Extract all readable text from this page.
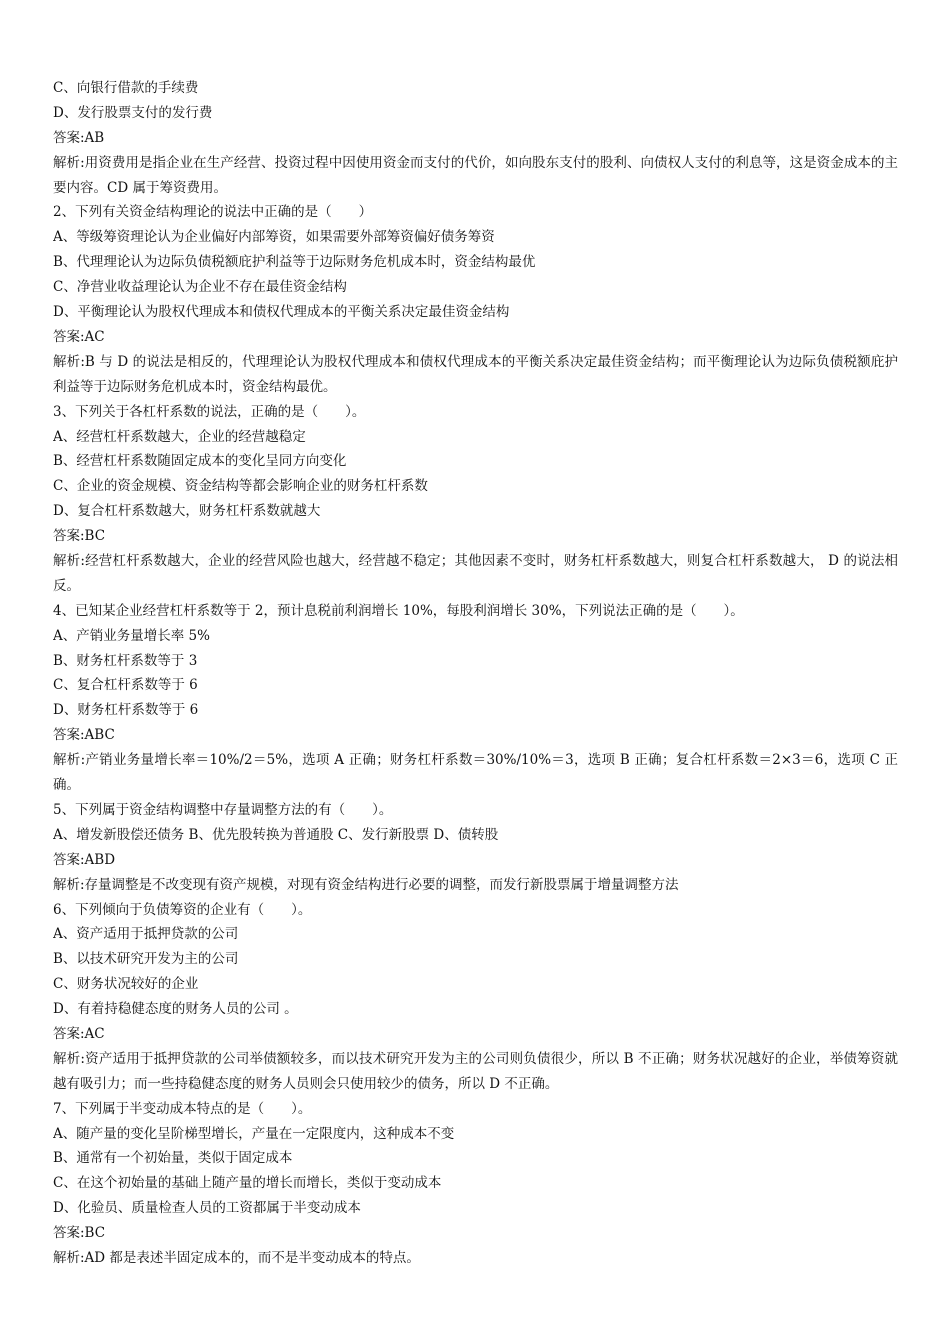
C、向银行借款的手续费
D、发行股票支付的发行费
答案:AB
解析:用资费用是指企业在生产经营、投资过程中因使用资金而支付的代价，如向股东支付的股利、向债权人支付的利息等，这是资金成本的主要内容。CD 属于筹资费用。
2、下列有关资金结构理论的说法中正确的是（　　）
A、等级筹资理论认为企业偏好内部筹资，如果需要外部筹资偏好债务筹资
B、代理理论认为边际负债税额庇护利益等于边际财务危机成本时，资金结构最优
C、净营业收益理论认为企业不存在最佳资金结构
D、平衡理论认为股权代理成本和债权代理成本的平衡关系决定最佳资金结构
答案:AC
解析:B 与 D 的说法是相反的，代理理论认为股权代理成本和债权代理成本的平衡关系决定最佳资金结构；而平衡理论认为边际负债税额庇护利益等于边际财务危机成本时，资金结构最优。
3、下列关于各杠杆系数的说法，正确的是（　　）。
A、经营杠杆系数越大，企业的经营越稳定
B、经营杠杆系数随固定成本的变化呈同方向变化
C、企业的资金规模、资金结构等都会影响企业的财务杠杆系数
D、复合杠杆系数越大，财务杠杆系数就越大
答案:BC
解析:经营杠杆系数越大，企业的经营风险也越大，经营越不稳定；其他因素不变时，财务杠杆系数越大，则复合杠杆系数越大， D 的说法相反。
4、已知某企业经营杠杆系数等于 2，预计息税前利润增长 10%，每股利润增长 30%，下列说法正确的是（　　）。
A、产销业务量增长率 5%
B、财务杠杆系数等于 3
C、复合杠杆系数等于 6
D、财务杠杆系数等于 6
答案:ABC
解析:产销业务量增长率＝10%/2＝5%，选项 A 正确；财务杠杆系数＝30%/10%＝3，选项 B 正确；复合杠杆系数＝2×3＝6，选项 C 正确。
5、下列属于资金结构调整中存量调整方法的有（　　）。
A、增发新股偿还债务 B、优先股转换为普通股 C、发行新股票 D、债转股
答案:ABD
解析:存量调整是不改变现有资产规模，对现有资金结构进行必要的调整，而发行新股票属于增量调整方法
6、下列倾向于负债筹资的企业有（　　）。
A、资产适用于抵押贷款的公司
B、以技术研究开发为主的公司
C、财务状况较好的企业
D、有着持稳健态度的财务人员的公司 。
答案:AC
解析:资产适用于抵押贷款的公司举债额较多，而以技术研究开发为主的公司则负债很少，所以 B 不正确；财务状况越好的企业，举债筹资就越有吸引力；而一些持稳健态度的财务人员则会只使用较少的债务，所以 D 不正确。
7、下列属于半变动成本特点的是（　　）。
A、随产量的变化呈阶梯型增长，产量在一定限度内，这种成本不变
B、通常有一个初始量，类似于固定成本
C、在这个初始量的基础上随产量的增长而增长，类似于变动成本
D、化验员、质量检查人员的工资都属于半变动成本
答案:BC
解析:AD 都是表述半固定成本的，而不是半变动成本的特点。
